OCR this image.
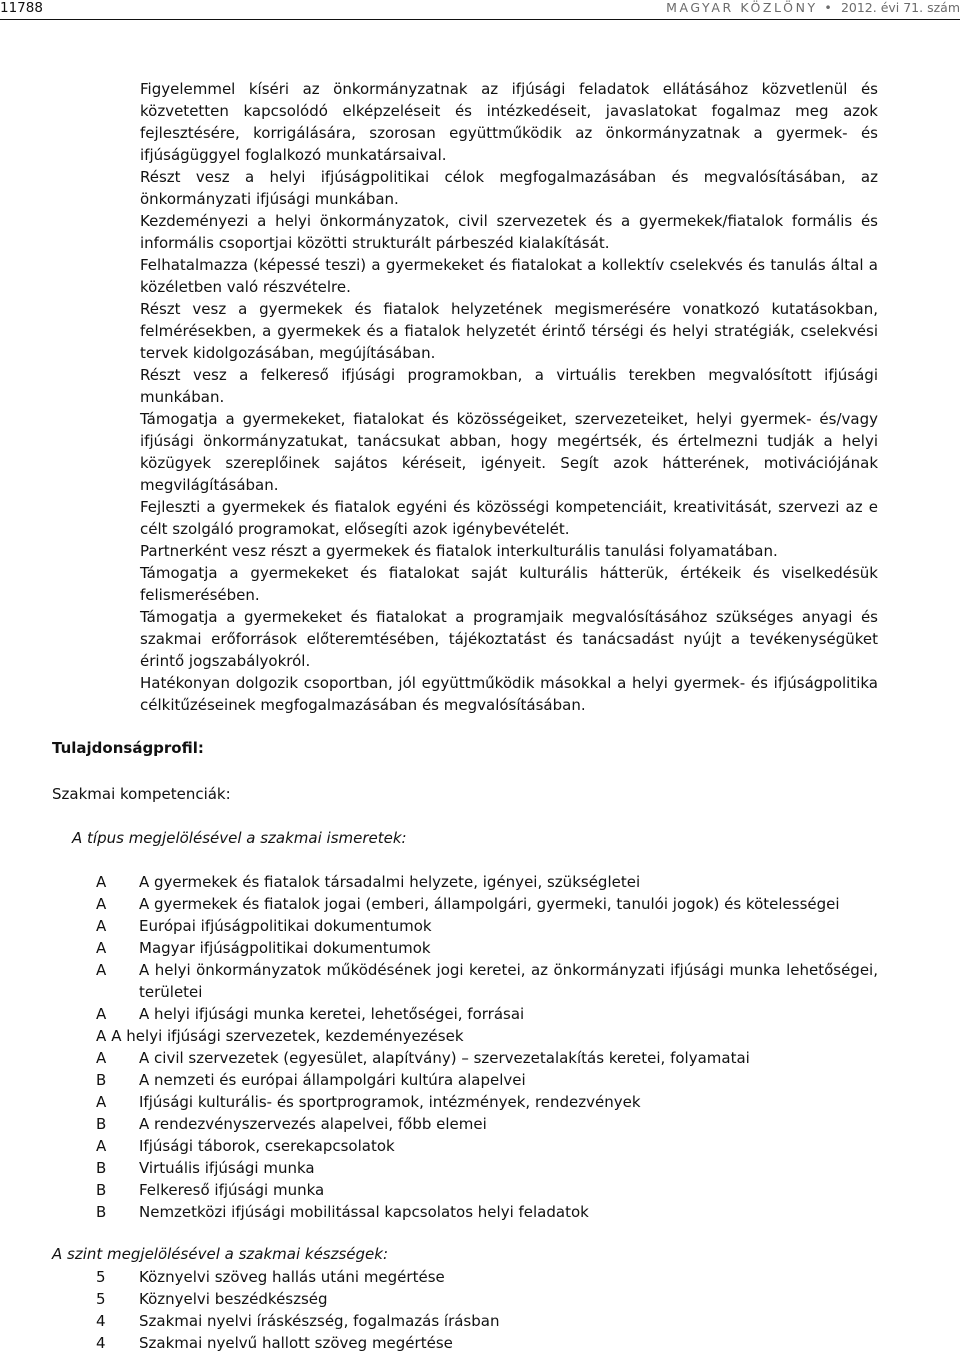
11788	MAGYAR KÖZLÖNY • 2012. évi 71. szám
Figyelemmel kíséri az önkormányzatnak az ifjúsági feladatok ellátásához közvetlenül és közvetetten kapcsolódó elképzeléseit és intézkedéseit, javaslatokat fogalmaz meg azok fejlesztésére, korrigálására, szorosan együttműködik az önkormányzatnak a gyermek- és ifjúságüggyel foglalkozó munkatársaival.
Részt vesz a helyi ifjúságpolitikai célok megfogalmazásában és megvalósításában, az önkormányzati ifjúsági munkában.
Kezdeményezi a helyi önkormányzatok, civil szervezetek és a gyermekek/fiatalok formális és informális csoportjai közötti strukturált párbeszéd kialakítását.
Felhatalmazza (képessé teszi) a gyermekeket és fiatalokat a kollektív cselekvés és tanulás által a közéletben való részvételre.
Részt vesz a gyermekek és fiatalok helyzetének megismerésére vonatkozó kutatásokban, felmérésekben, a gyermekek és a fiatalok helyzetét érintő térségi és helyi stratégiák, cselekvési tervek kidolgozásában, megújításában.
Részt vesz a felkereső ifjúsági programokban, a virtuális terekben megvalósított ifjúsági munkában.
Támogatja a gyermekeket, fiatalokat és közösségeiket, szervezeteiket, helyi gyermek- és/vagy ifjúsági önkormányzatukat, tanácsukat abban, hogy megértsék, és értelmezni tudják a helyi közügyek szereplőinek sajátos kéréseit, igényeit. Segít azok hátterének, motivációjának megvilágításában.
Fejleszti a gyermekek és fiatalok egyéni és közösségi kompetenciáit, kreativitását, szervezi az e célt szolgáló programokat, elősegíti azok igénybevételét.
Partnerként vesz részt a gyermekek és fiatalok interkulturális tanulási folyamatában.
Támogatja a gyermekeket és fiatalokat saját kulturális hátterük, értékeik és viselkedésük felismerésében.
Támogatja a gyermekeket és fiatalokat a programjaik megvalósításához szükséges anyagi és szakmai erőforrások előteremtésében, tájékoztatást és tanácsadást nyújt a tevékenységüket érintő jogszabályokról.
Hatékonyan dolgozik csoportban, jól együttműködik másokkal a helyi gyermek- és ifjúságpolitika célkitűzéseinek megfogalmazásában és megvalósításában.
Tulajdonságprofil:
Szakmai kompetenciák:
A típus megjelölésével a szakmai ismeretek:
A	A gyermekek és fiatalok társadalmi helyzete, igényei, szükségletei
A	A gyermekek és fiatalok jogai (emberi, állampolgári, gyermeki, tanulói jogok) és kötelességei
A	Európai ifjúságpolitikai dokumentumok
A	Magyar ifjúságpolitikai dokumentumok
A	A helyi önkormányzatok működésének jogi keretei, az önkormányzati ifjúsági munka lehetőségei, területei
A	A helyi ifjúsági munka keretei, lehetőségei, forrásai
A A helyi ifjúsági szervezetek, kezdeményezések
A	A civil szervezetek (egyesület, alapítvány) – szervezetalakítás keretei, folyamatai
B	A nemzeti és európai állampolgári kultúra alapelvei
A	Ifjúsági kulturális- és sportprogramok, intézmények, rendezvények
B	A rendezvényszervezés alapelvei, főbb elemei
A	Ifjúsági táborok, cserekapcsolatok
B	Virtuális ifjúsági munka
B	Felkereső ifjúsági munka
B	Nemzetközi ifjúsági mobilitással kapcsolatos helyi feladatok
A szint megjelölésével a szakmai készségek:
5	Köznyelvi szöveg hallás utáni megértése
5	Köznyelvi beszédkészség
4	Szakmai nyelvi íráskészség, fogalmazás írásban
4	Szakmai nyelvű hallott szöveg megértése
